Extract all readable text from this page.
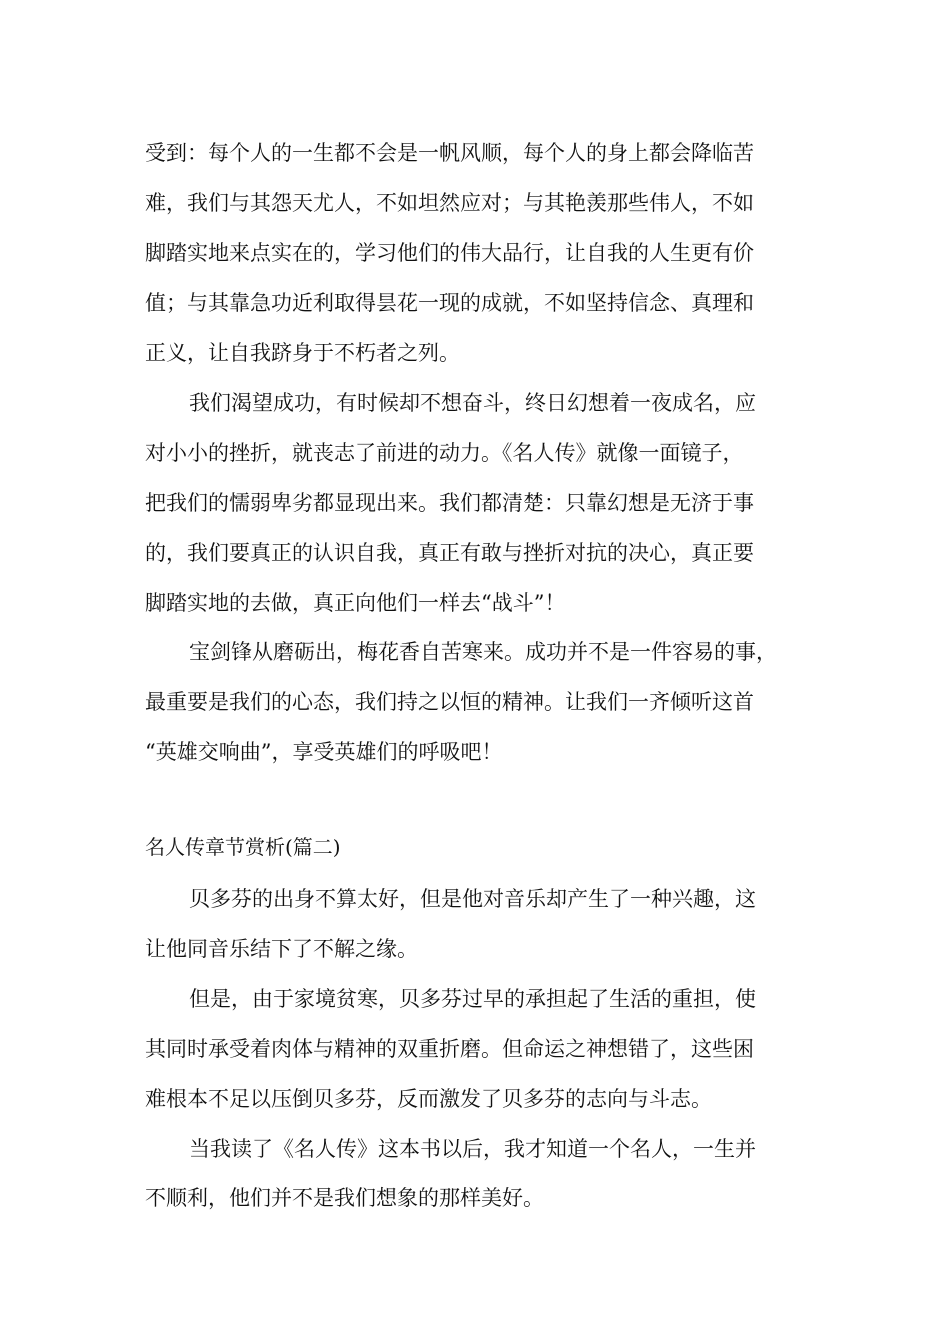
受到：每个人的一生都不会是一帆风顺，每个人的身上都会降临苦
难，我们与其怨天尤人，不如坦然应对；与其艳羡那些伟人，不如
脚踏实地来点实在的，学习他们的伟大品行，让自我的人生更有价
值；与其靠急功近利取得昙花一现的成就，不如坚持信念、真理和
正义，让自我跻身于不朽者之列。
我们渴望成功，有时候却不想奋斗，终日幻想着一夜成名，应
对小小的挫折，就丧志了前进的动力。《名人传》就像一面镜子，
把我们的懦弱卑劣都显现出来。我们都清楚：只靠幻想是无济于事
的，我们要真正的认识自我，真正有敢与挫折对抗的决心，真正要
脚踏实地的去做，真正向他们一样去“战斗”！
宝剑锋从磨砺出，梅花香自苦寒来。成功并不是一件容易的事，
最重要是我们的心态，我们持之以恒的精神。让我们一齐倾听这首
“英雄交响曲”，享受英雄们的呼吸吧！
名人传章节赏析(篇二)
贝多芬的出身不算太好，但是他对音乐却产生了一种兴趣，这
让他同音乐结下了不解之缘。
但是，由于家境贫寒，贝多芬过早的承担起了生活的重担，使
其同时承受着肉体与精神的双重折磨。但命运之神想错了，这些困
难根本不足以压倒贝多芬，反而激发了贝多芬的志向与斗志。
当我读了《名人传》这本书以后，我才知道一个名人，一生并
不顺利，他们并不是我们想象的那样美好。
